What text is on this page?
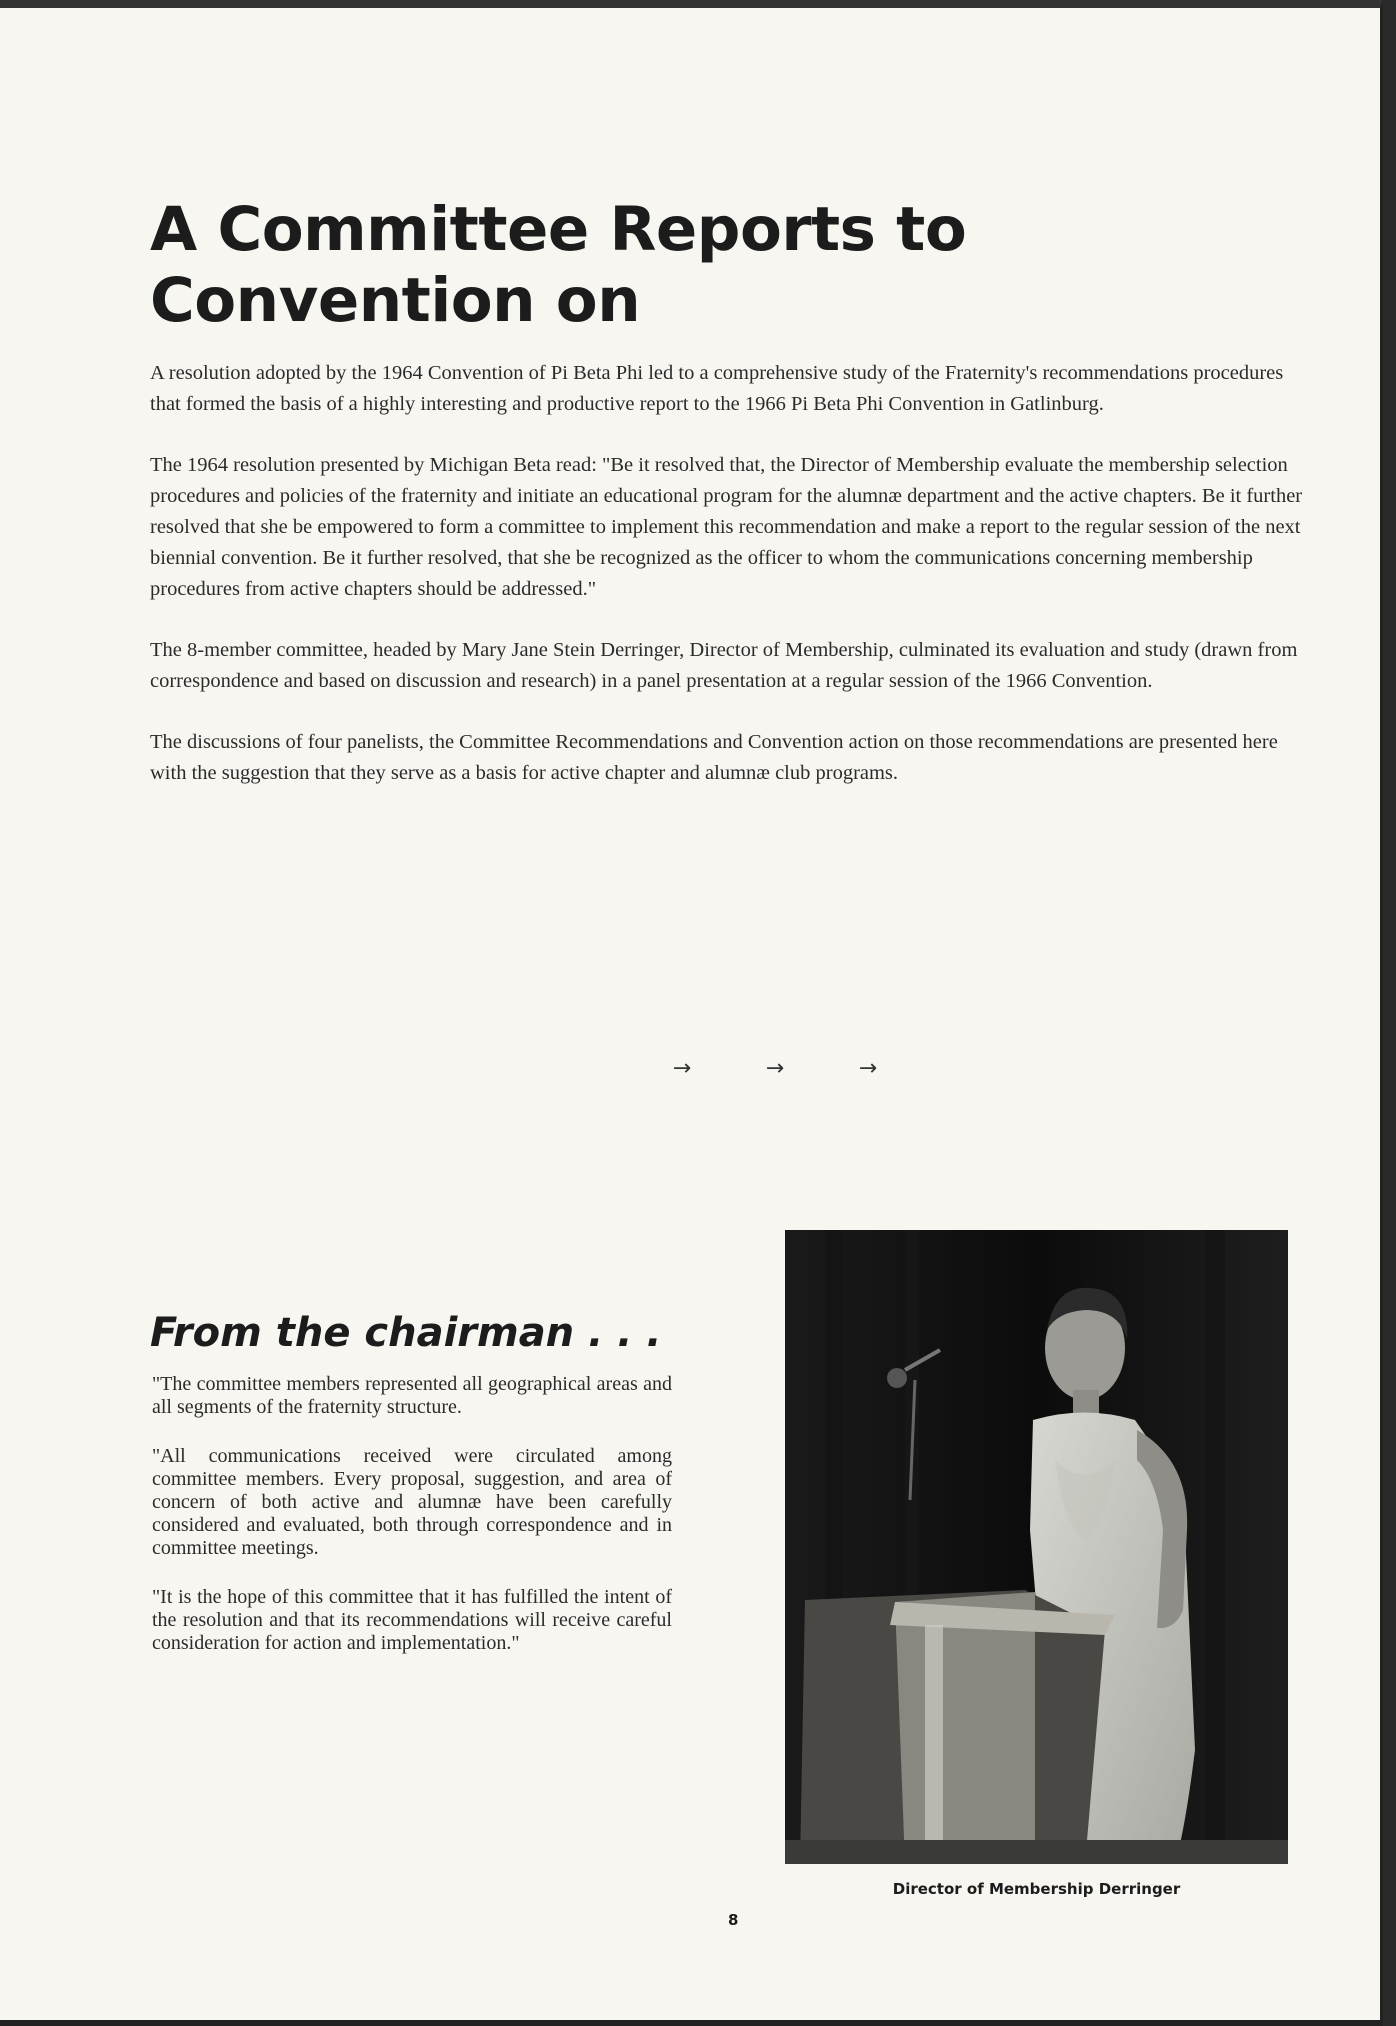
A Committee Reports to Convention on

A resolution adopted by the 1964 Convention of Pi Beta Phi led to a comprehensive study of the Fraternity's recommendations procedures that formed the basis of a highly interesting and productive report to the 1966 Pi Beta Phi Convention in Gatlinburg.

The 1964 resolution presented by Michigan Beta read: "Be it resolved that, the Director of Membership evaluate the membership selection procedures and policies of the fraternity and initiate an educational program for the alumnæ department and the active chapters. Be it further resolved that she be empowered to form a committee to implement this recommendation and make a report to the regular session of the next biennial convention. Be it further resolved, that she be recognized as the officer to whom the communications concerning membership procedures from active chapters should be addressed."

The 8-member committee, headed by Mary Jane Stein Derringer, Director of Membership, culminated its evaluation and study (drawn from correspondence and based on discussion and research) in a panel presentation at a regular session of the 1966 Convention.

The discussions of four panelists, the Committee Recommendations and Convention action on those recommendations are presented here with the suggestion that they serve as a basis for active chapter and alumnæ club programs.

→	→	→
From the chairman . . .

"The committee members represented all geographical areas and all segments of the fraternity structure.

"All communications received were circulated among committee members. Every proposal, suggestion, and area of concern of both active and alumnæ have been carefully considered and evaluated, both through correspondence and in committee meetings.

"It is the hope of this committee that it has fulfilled the intent of the resolution and that its recommendations will receive careful consideration for action and implementation."

Director of Membership Derringer
8
